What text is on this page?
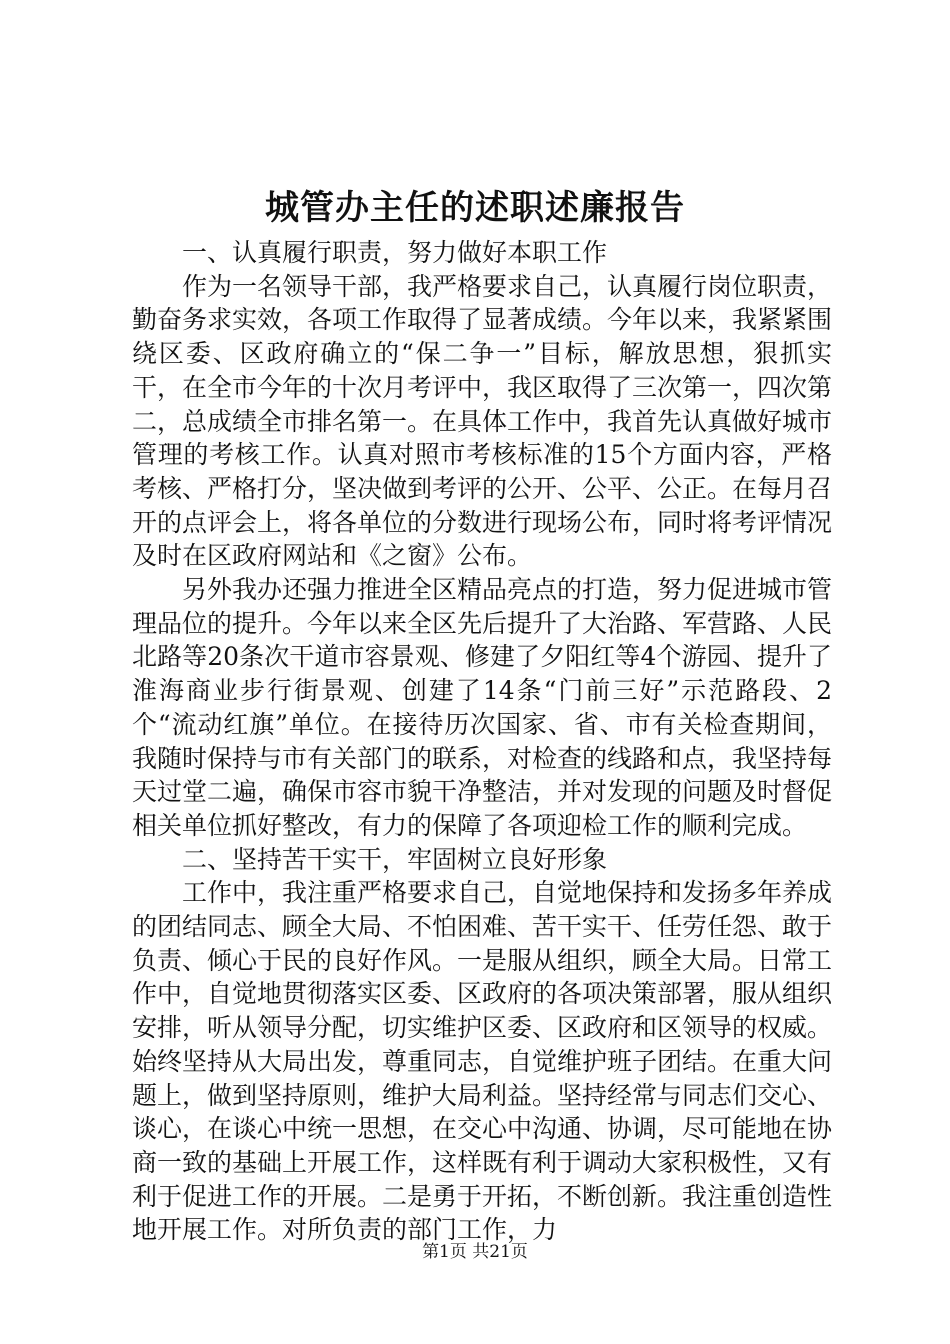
城管办主任的述职述廉报告

一、认真履行职责，努力做好本职工作

作为一名领导干部，我严格要求自己，认真履行岗位职责，勤奋务求实效，各项工作取得了显著成绩。今年以来，我紧紧围绕区委、区政府确立的“保二争一”目标，解放思想，狠抓实干，在全市今年的十次月考评中，我区取得了三次第一，四次第二，总成绩全市排名第一。在具体工作中，我首先认真做好城市管理的考核工作。认真对照市考核标准的15个方面内容，严格考核、严格打分，坚决做到考评的公开、公平、公正。在每月召开的点评会上，将各单位的分数进行现场公布，同时将考评情况及时在区政府网站和《之窗》公布。

另外我办还强力推进全区精品亮点的打造，努力促进城市管理品位的提升。今年以来全区先后提升了大治路、军营路、人民北路等20条次干道市容景观、修建了夕阳红等4个游园、提升了淮海商业步行街景观、创建了14条“门前三好”示范路段、2个“流动红旗”单位。在接待历次国家、省、市有关检查期间，我随时保持与市有关部门的联系，对检查的线路和点，我坚持每天过堂二遍，确保市容市貌干净整洁，并对发现的问题及时督促相关单位抓好整改，有力的保障了各项迎检工作的顺利完成。

二、坚持苦干实干，牢固树立良好形象

工作中，我注重严格要求自己，自觉地保持和发扬多年养成的团结同志、顾全大局、不怕困难、苦干实干、任劳任怨、敢于负责、倾心于民的良好作风。一是服从组织，顾全大局。日常工作中，自觉地贯彻落实区委、区政府的各项决策部署，服从组织安排，听从领导分配，切实维护区委、区政府和区领导的权威。始终坚持从大局出发，尊重同志，自觉维护班子团结。在重大问题上，做到坚持原则，维护大局利益。坚持经常与同志们交心、谈心，在谈心中统一思想，在交心中沟通、协调，尽可能地在协商一致的基础上开展工作，这样既有利于调动大家积极性，又有利于促进工作的开展。二是勇于开拓，不断创新。我注重创造性地开展工作。对所负责的部门工作，力

第1页 共21页
